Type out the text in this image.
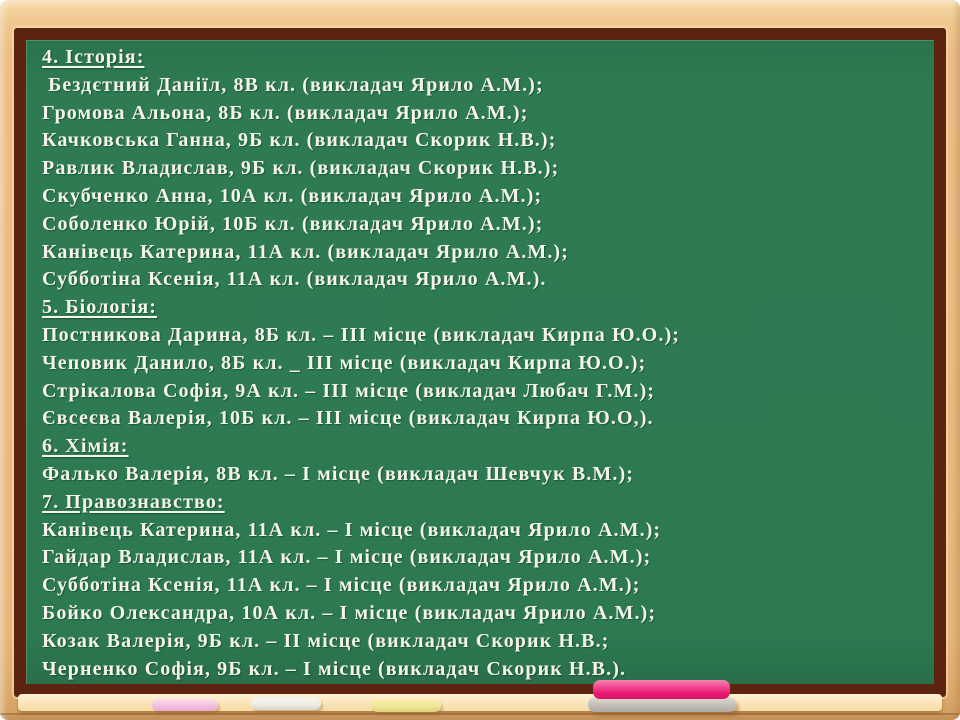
4. Історія:
Бездєтний Даніїл, 8В кл. (викладач Ярило А.М.);
Громова Альона, 8Б кл. (викладач Ярило А.М.);
Качковська Ганна, 9Б кл. (викладач Скорик Н.В.);
Равлик Владислав, 9Б кл. (викладач Скорик Н.В.);
Скубченко Анна, 10А кл. (викладач Ярило А.М.);
Соболенко Юрій, 10Б кл. (викладач Ярило А.М.);
Канівець Катерина, 11А кл. (викладач Ярило А.М.);
Субботіна Ксенія, 11А кл. (викладач Ярило А.М.).
5. Біологія:
Постникова Дарина, 8Б кл. – ІІІ місце (викладач Кирпа Ю.О.);
Чеповик Данило, 8Б кл. _ ІІІ місце (викладач Кирпа Ю.О.);
Стрікалова Софія, 9А кл. – ІІІ місце (викладач Любач Г.М.);
Євсеєва Валерія, 10Б кл. – ІІІ місце (викладач Кирпа Ю.О,).
6. Хімія:
Фалько Валерія, 8В кл. – І місце (викладач Шевчук В.М.);
7. Правознавство:
Канівець Катерина, 11А кл. – І місце (викладач Ярило А.М.);
Гайдар Владислав, 11А кл. – І місце (викладач Ярило А.М.);
Субботіна Ксенія, 11А кл. – І місце (викладач Ярило А.М.);
Бойко Олександра, 10А кл. – І місце (викладач Ярило А.М.);
Козак Валерія, 9Б кл. – ІІ місце (викладач Скорик Н.В.;
Черненко Софія, 9Б кл. – І місце (викладач Скорик Н.В.).
